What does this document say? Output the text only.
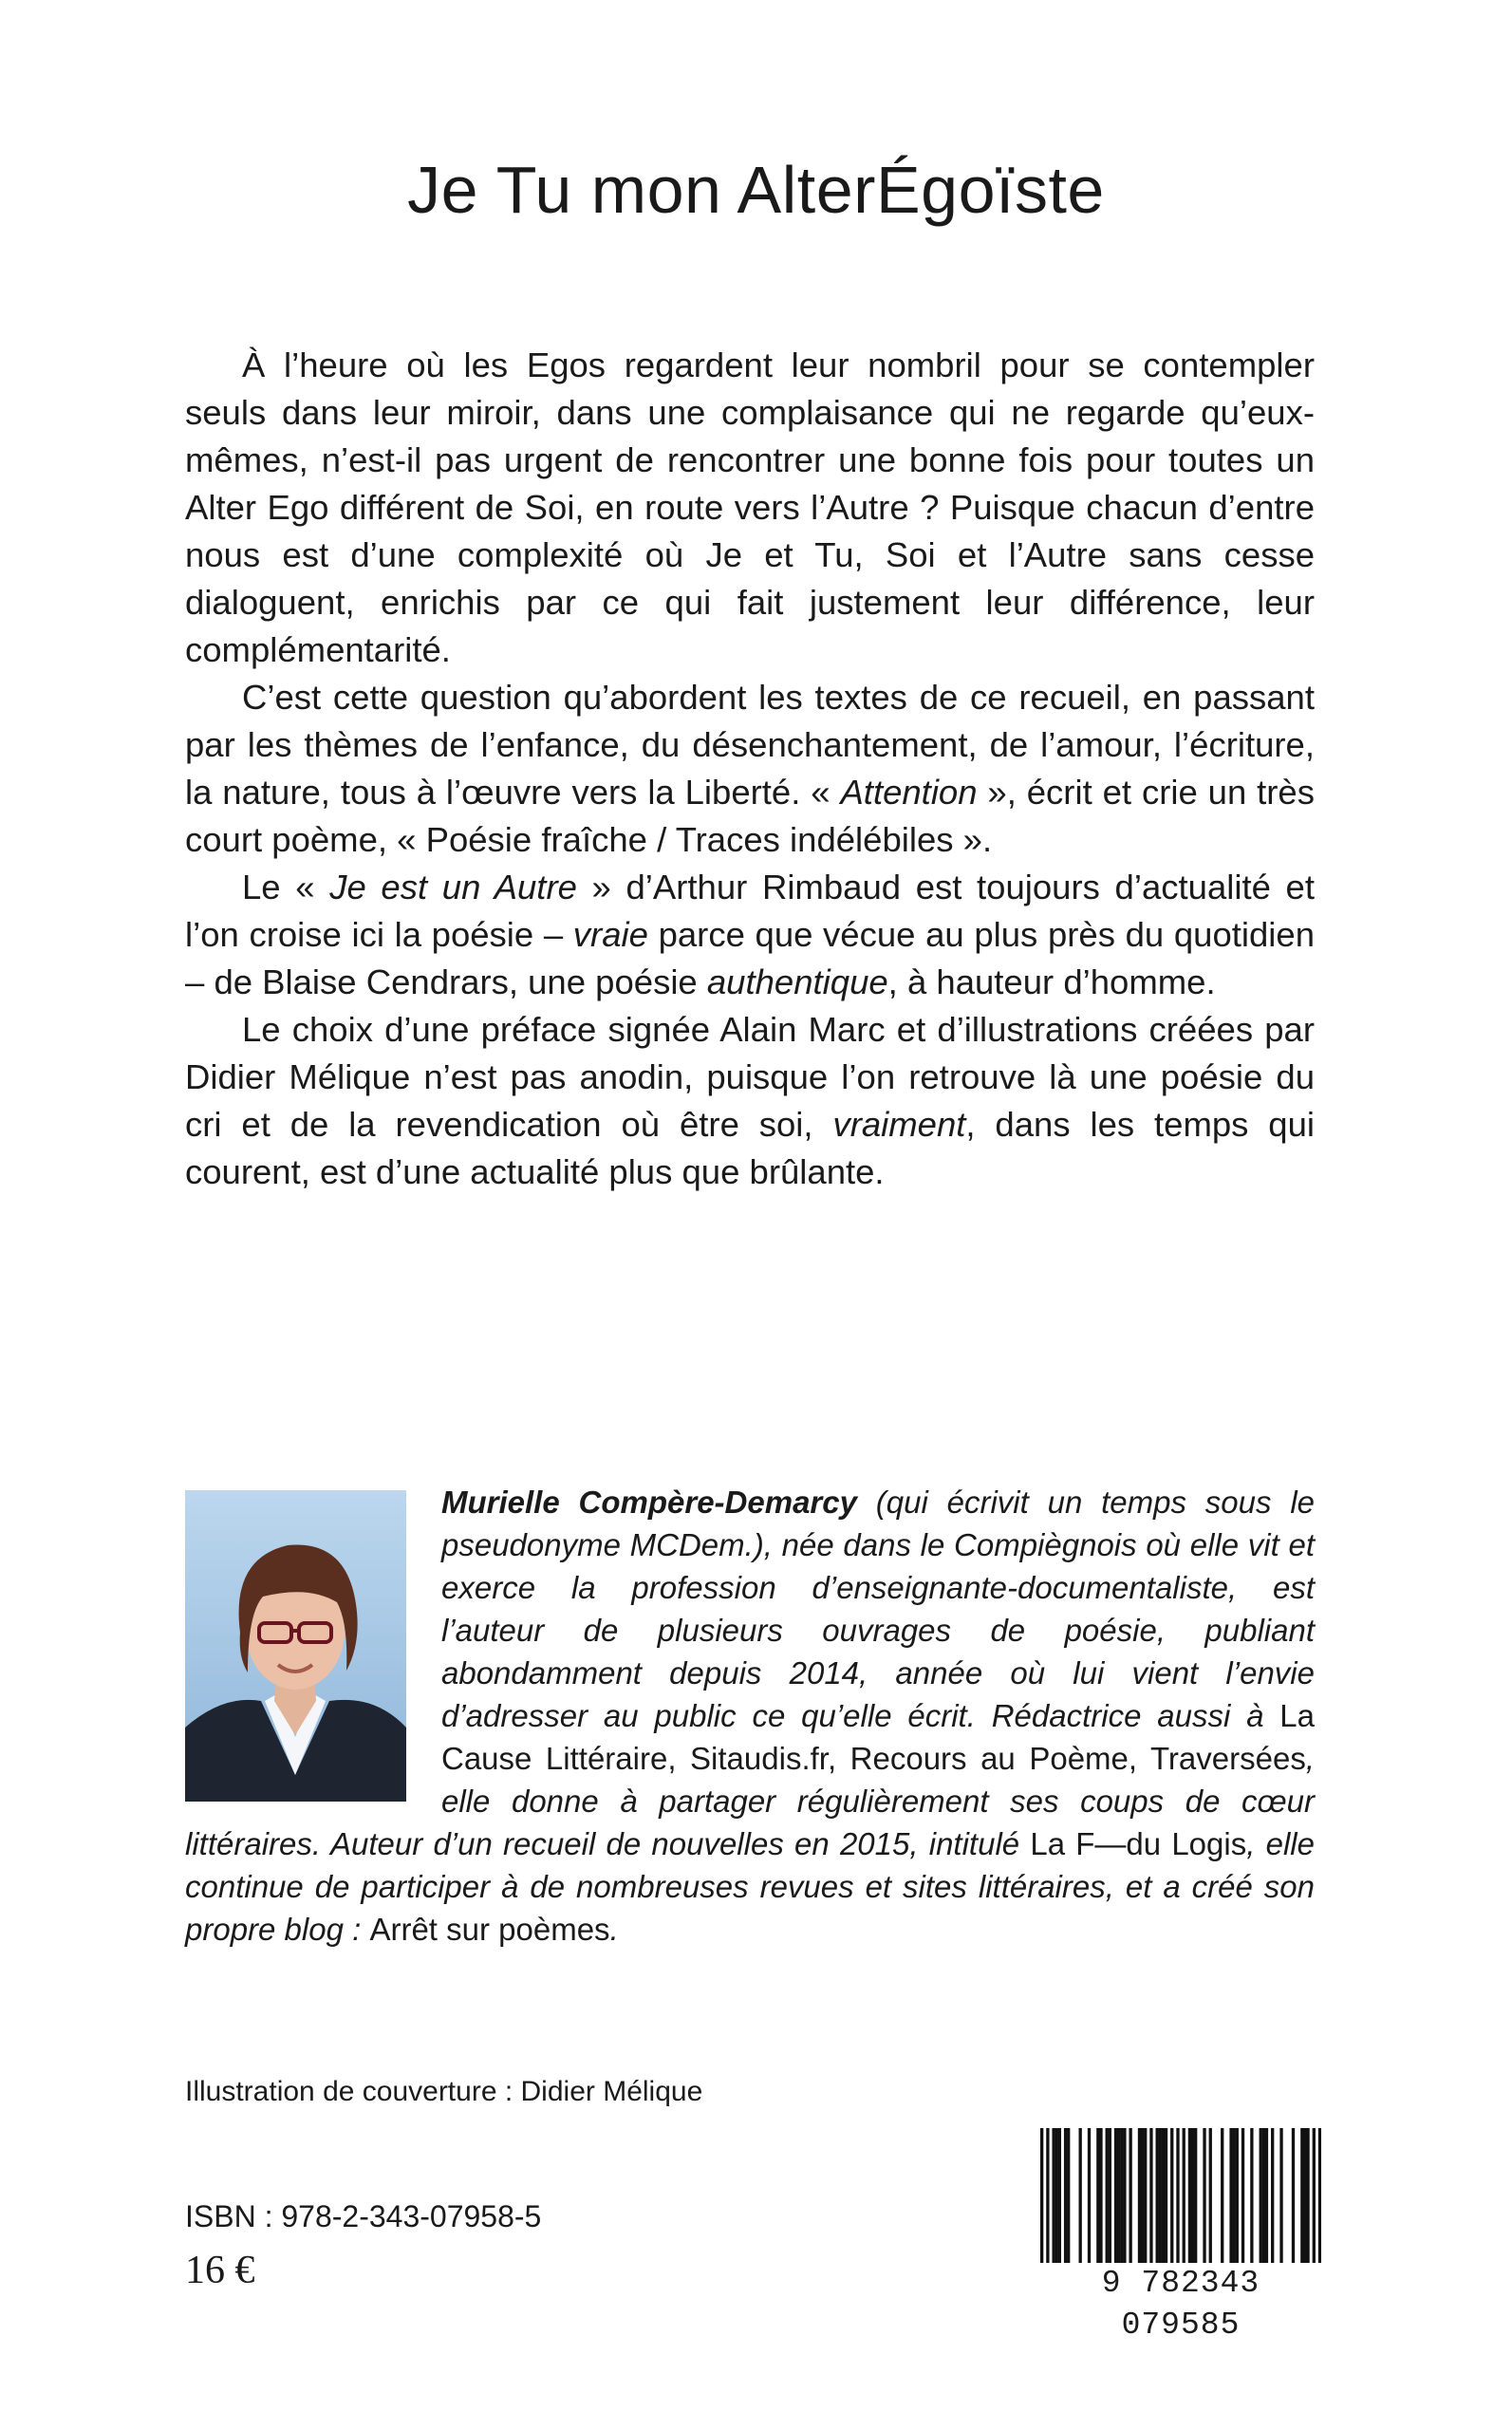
Je Tu mon AlterÉgoïste

À l’heure où les Egos regardent leur nombril pour se contempler seuls dans leur miroir, dans une complaisance qui ne regarde qu’eux-mêmes, n’est-il pas urgent de rencontrer une bonne fois pour toutes un Alter Ego différent de Soi, en route vers l’Autre ? Puisque chacun d’entre nous est d’une complexité où Je et Tu, Soi et l’Autre sans cesse dialoguent, enrichis par ce qui fait justement leur différence, leur complémentarité.

C’est cette question qu’abordent les textes de ce recueil, en passant par les thèmes de l’enfance, du désenchantement, de l’amour, l’écriture, la nature, tous à l’œuvre vers la Liberté. « Attention », écrit et crie un très court poème, « Poésie fraîche / Traces indélébiles ».

Le « Je est un Autre » d’Arthur Rimbaud est toujours d’actualité et l’on croise ici la poésie – vraie parce que vécue au plus près du quotidien – de Blaise Cendrars, une poésie authentique, à hauteur d’homme.

Le choix d’une préface signée Alain Marc et d’illustrations créées par Didier Mélique n’est pas anodin, puisque l’on retrouve là une poésie du cri et de la revendication où être soi, vraiment, dans les temps qui courent, est d’une actualité plus que brûlante.

Murielle Compère-Demarcy (qui écrivit un temps sous le pseudonyme MCDem.), née dans le Compiègnois où elle vit et exerce la profession d’enseignante-documentaliste, est l’auteur de plusieurs ouvrages de poésie, publiant abondamment depuis 2014, année où lui vient l’envie d’adresser au public ce qu’elle écrit. Rédactrice aussi à La Cause Littéraire, Sitaudis.fr, Recours au Poème, Traversées, elle donne à partager régulièrement ses coups de cœur littéraires. Auteur d’un recueil de nouvelles en 2015, intitulé La F—du Logis, elle continue de participer à de nombreuses revues et sites littéraires, et a créé son propre blog : Arrêt sur poèmes.
Illustration de couverture : Didier Mélique
ISBN : 978-2-343-07958-5
16 €	9 782343 079585
